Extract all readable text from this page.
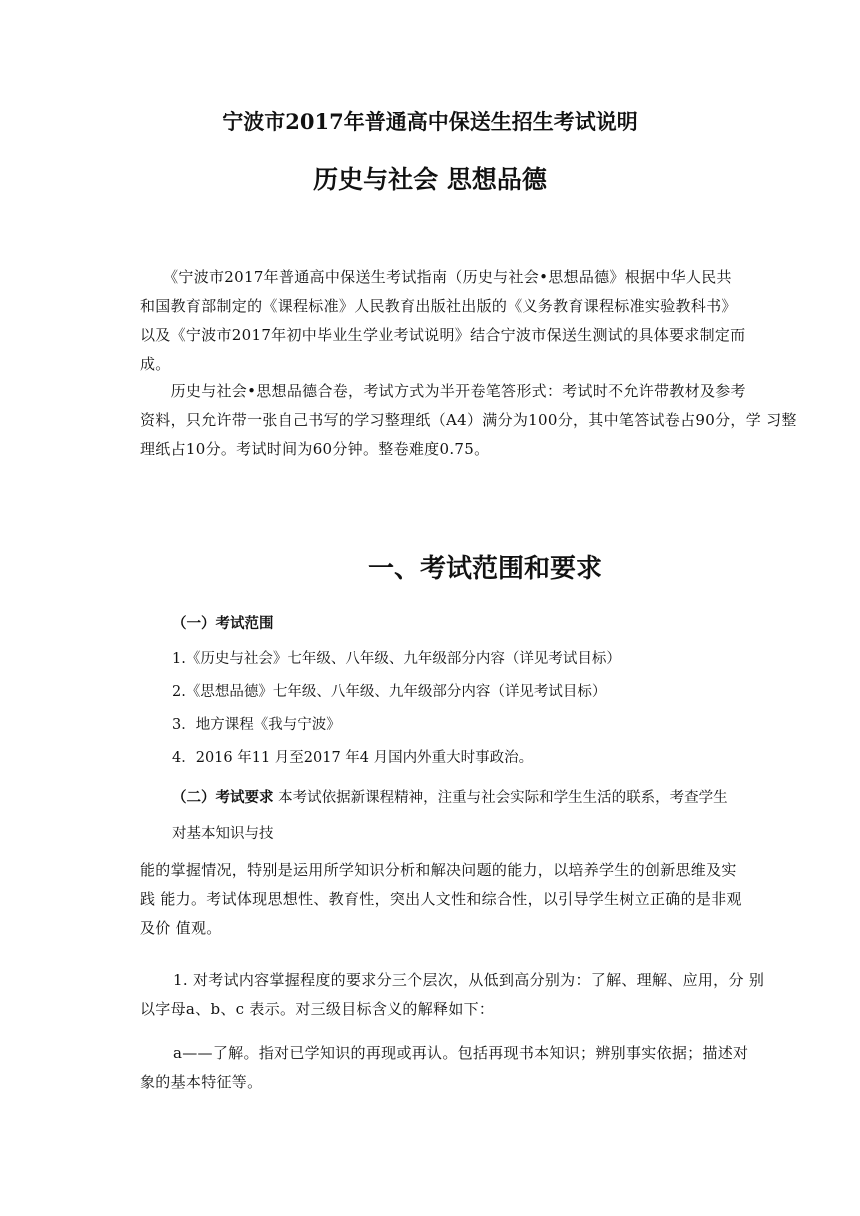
宁波市2017年普通高中保送生招生考试说明
历史与社会 思想品德
　　《宁波市2017年普通高中保送生考试指南（历史与社会•思想品德》根据中华人民共
和国教育部制定的《课程标准》人民教育出版社出版的《义务教育课程标准实验教科书》
以及《宁波市2017年初中毕业生学业考试说明》结合宁波市保送生测试的具体要求制定而
成。
　　历史与社会•思想品德合卷，考试方式为半开卷笔答形式：考试时不允许带教材及参考
资料，只允许带一张自己书写的学习整理纸（A4）满分为100分，其中笔答试卷占90分，学 习整
理纸占10分。考试时间为60分钟。整卷难度0.75。
一、考试范围和要求
（一）考试范围
1.《历史与社会》七年级、八年级、九年级部分内容（详见考试目标）
2.《思想品德》七年级、八年级、九年级部分内容（详见考试目标）
3．地方课程《我与宁波》
4．2016 年11 月至2017 年4 月国内外重大时事政治。
（二）考试要求 本考试依据新课程精神，注重与社会实际和学生生活的联系，考查学生
对基本知识与技
能的掌握情况，特别是运用所学知识分析和解决问题的能力，以培养学生的创新思维及实
践 能力。考试体现思想性、教育性，突出人文性和综合性，以引导学生树立正确的是非观
及价 值观。
1. 对考试内容掌握程度的要求分三个层次，从低到高分别为：了解、理解、应用，分 别
以字母a、b、c 表示。对三级目标含义的解释如下：
a——了解。指对已学知识的再现或再认。包括再现书本知识；辨别事实依据；描述对
象的基本特征等。
